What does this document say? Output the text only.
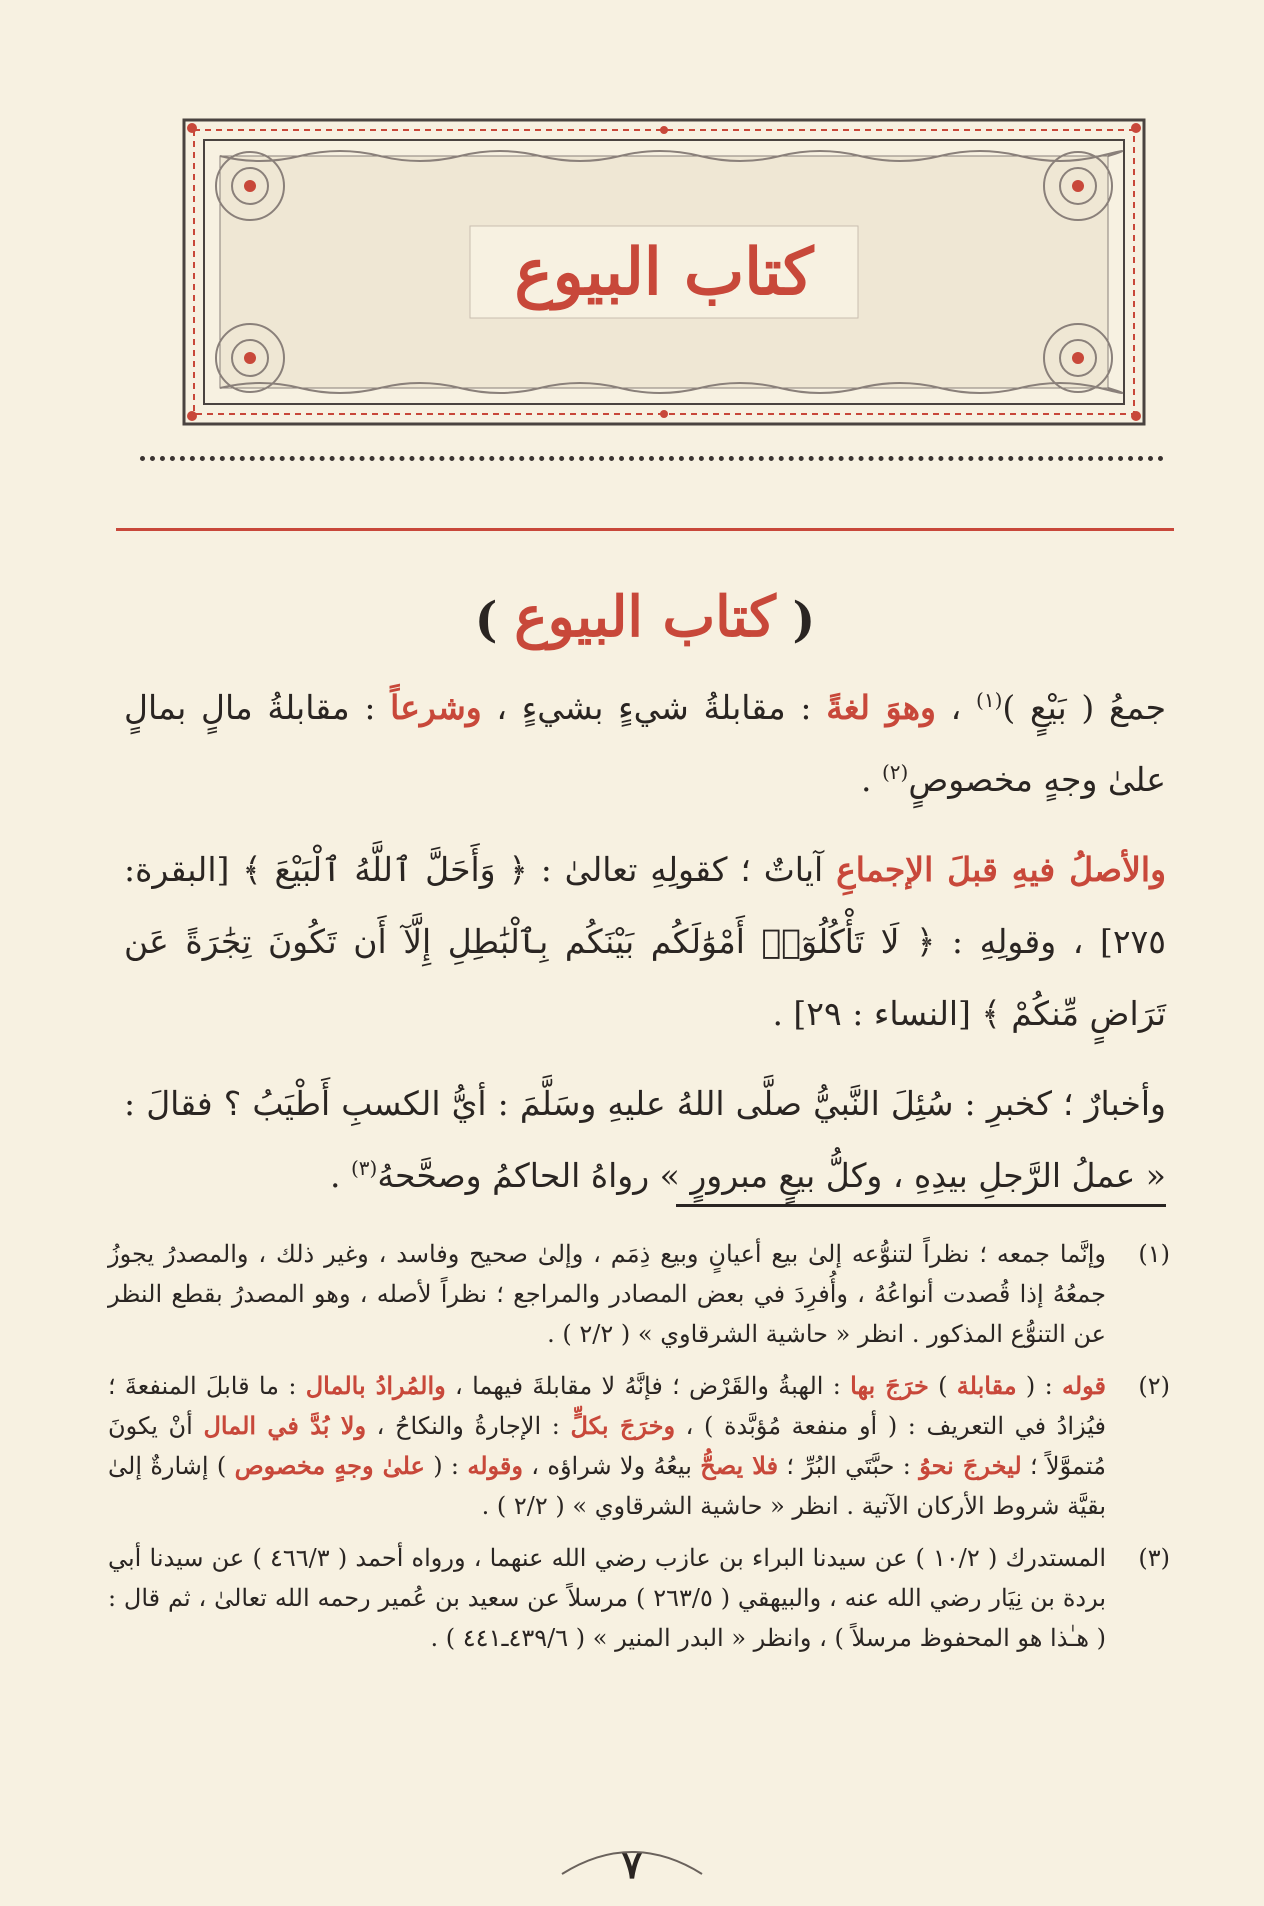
كتاب البيوع
( كتاب البيوع )

جمعُ ( بَيْعٍ )$^{(١)}$ ، وهوَ لغةً : مقابلةُ شيءٍ بشيءٍ ، وشرعاً : مقابلةُ مالٍ بمالٍ علىٰ وجهٍ مخصوصٍ$^{(٢)}$ .

والأصلُ فيهِ قبلَ الإجماعِ آياتٌ ؛ كقولِهِ تعالىٰ : ﴿ وَأَحَلَّ ٱللَّهُ ٱلْبَيْعَ ﴾ [البقرة: ٢٧٥] ، وقولِهِ : ﴿ لَا تَأْكُلُوٓا۟ أَمْوَٰلَكُم بَيْنَكُم بِٱلْبَٰطِلِ إِلَّآ أَن تَكُونَ تِجَٰرَةً عَن تَرَاضٍ مِّنكُمْ ﴾ [النساء : ٢٩] .

وأخبارٌ ؛ كخبرِ : سُئِلَ النَّبيُّ صلَّى اللهُ عليهِ وسَلَّمَ : أيُّ الكسبِ أَطْيَبُ ؟ فقالَ : « عملُ الرَّجلِ بيدِهِ ، وكلُّ بيعٍ مبرورٍ » رواهُ الحاكمُ وصحَّحهُ$^{(٣)}$ .

(١)
وإنَّما جمعه ؛ نظراً لتنوُّعه إلىٰ بيع أعيانٍ وبيع ذِمَم ، وإلىٰ صحيح وفاسد ، وغير ذلك ، والمصدرُ يجوزُ جمعُهُ إذا قُصدت أنواعُهُ ، وأُفرِدَ في بعض المصادر والمراجع ؛ نظراً لأصله ، وهو المصدرُ بقطع النظر عن التنوُّع المذكور . انظر « حاشية الشرقاوي » ( ٢/٢ ) .
(٢)
قوله : ( مقابلة ) خرَجَ بها : الهبةُ والقَرْض ؛ فإنَّهُ لا مقابلةَ فيهما ، والمُرادُ بالمال : ما قابلَ المنفعةَ ؛ فيُزادُ في التعريف : ( أو منفعة مُؤبَّدة ) ، وخرَجَ بكلٍّ : الإجارةُ والنكاحُ ، ولا بُدَّ في المال أنْ يكونَ مُتموَّلاً ؛ ليخرجَ نحوُ : حبَّتَي البُرِّ ؛ فلا يصحُّ بيعُهُ ولا شراؤه ، وقوله : ( علىٰ وجهٍ مخصوص ) إشارةٌ إلىٰ بقيَّة شروط الأركان الآتية . انظر « حاشية الشرقاوي » ( ٢/٢ ) .
(٣)
المستدرك ( ١٠/٢ ) عن سيدنا البراء بن عازب رضي الله عنهما ، ورواه أحمد ( ٤٦٦/٣ ) عن سيدنا أبي بردة بن نِيَار رضي الله عنه ، والبيهقي ( ٢٦٣/٥ ) مرسلاً عن سعيد بن عُمير رحمه الله تعالىٰ ، ثم قال : ( هـٰذا هو المحفوظ مرسلاً ) ، وانظر « البدر المنير » ( ٤٣٩/٦ـ٤٤١ ) .
٧
